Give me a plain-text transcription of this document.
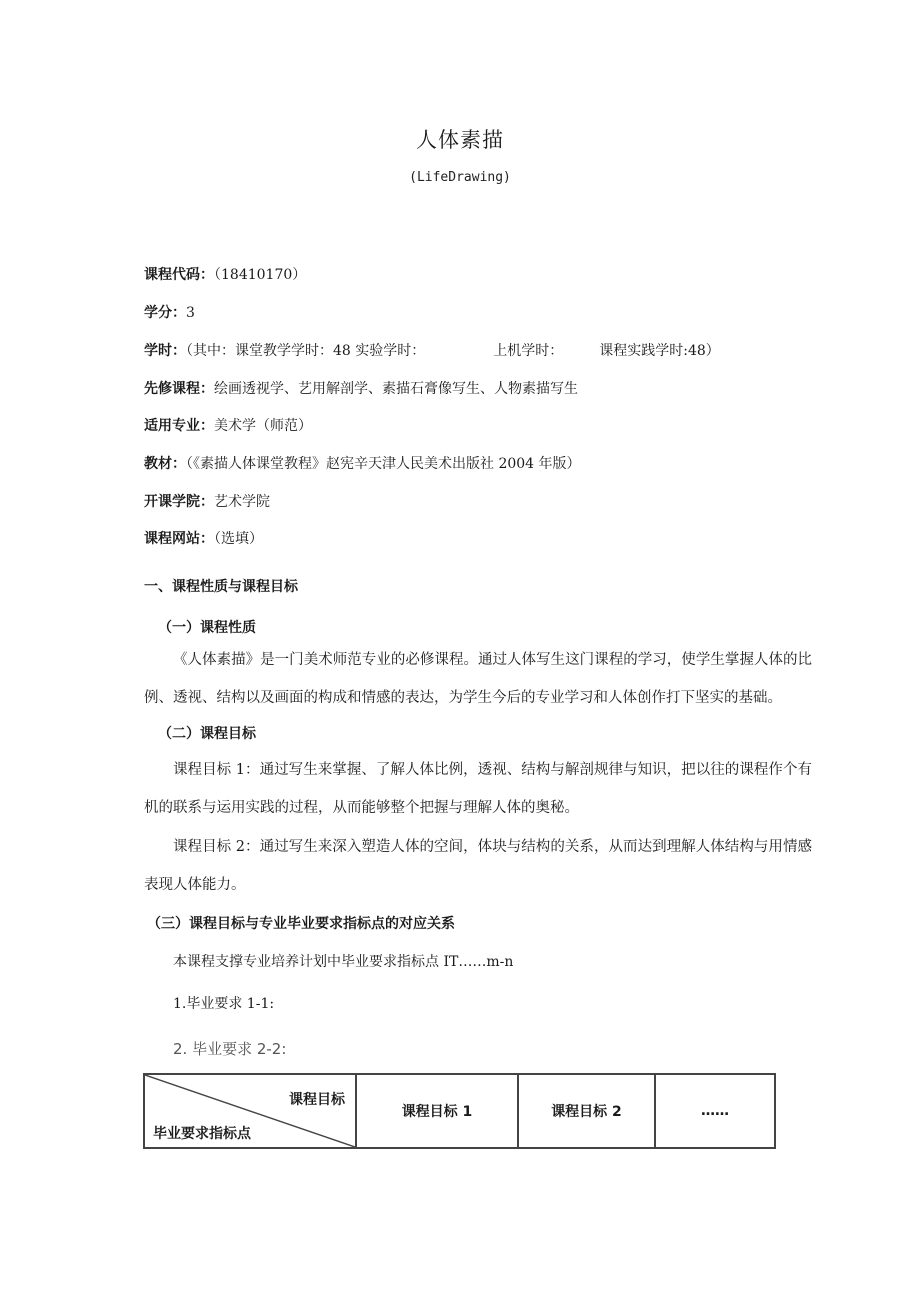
人体素描
(LifeDrawing)
课程代码：（18410170）
学分：3
学时：（其中：课堂教学学时：48 实验学时：	上机学时：	课程实践学时:48）
先修课程：绘画透视学、艺用解剖学、素描石膏像写生、人物素描写生
适用专业：美术学（师范）
教材：（《素描人体课堂教程》赵宪辛天津人民美术出版社 2004 年版）
开课学院：艺术学院
课程网站：（选填）
一、课程性质与课程目标
（一）课程性质
《人体素描》是一门美术师范专业的必修课程。通过人体写生这门课程的学习，使学生掌握人体的比例、透视、结构以及画面的构成和情感的表达，为学生今后的专业学习和人体创作打下坚实的基础。
（二）课程目标
课程目标 1：通过写生来掌握、了解人体比例，透视、结构与解剖规律与知识，把以往的课程作个有机的联系与运用实践的过程，从而能够整个把握与理解人体的奥秘。
课程目标 2：通过写生来深入塑造人体的空间，体块与结构的关系，从而达到理解人体结构与用情感表现人体能力。
（三）课程目标与专业毕业要求指标点的对应关系
本课程支撑专业培养计划中毕业要求指标点 IT……m-n
1.毕业要求 1-1:
2. 毕业要求 2-2:
课程目标
毕业要求指标点
	课程目标 1	课程目标 2	……
